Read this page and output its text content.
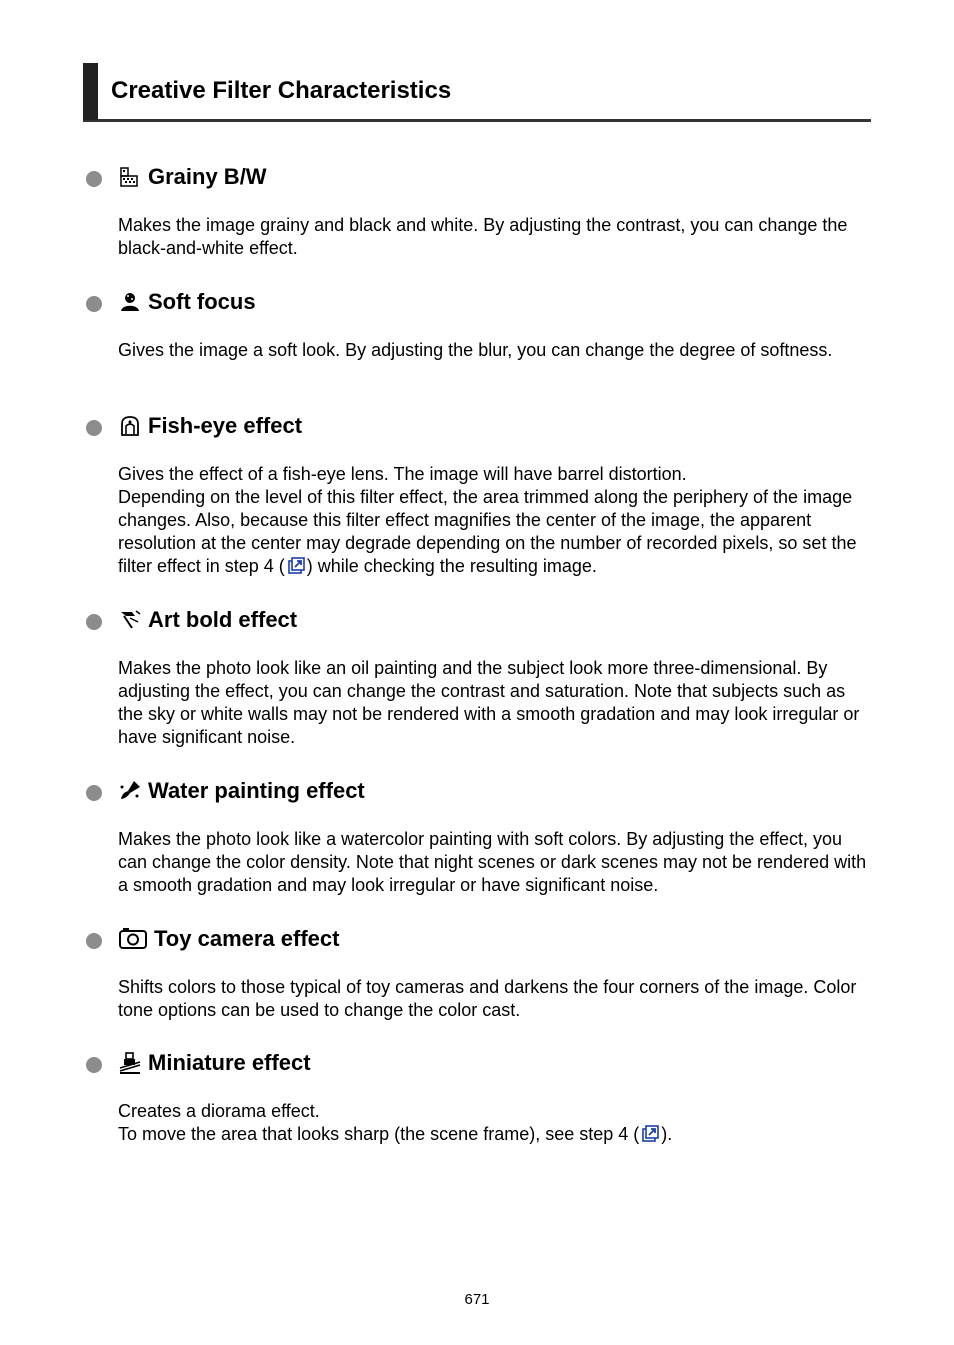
Creative Filter Characteristics
Grainy B/W

Makes the image grainy and black and white. By adjusting the contrast, you can change the black-and-white effect.

Soft focus

Gives the image a soft look. By adjusting the blur, you can change the degree of softness.

Fish-eye effect

Gives the effect of a fish-eye lens. The image will have barrel distortion.

Depending on the level of this filter effect, the area trimmed along the periphery of the image changes. Also, because this filter effect magnifies the center of the image, the apparent resolution at the center may degrade depending on the number of recorded pixels, so set the filter effect in step 4 ( ) while checking the resulting image.

Art bold effect

Makes the photo look like an oil painting and the subject look more three-dimensional. By adjusting the effect, you can change the contrast and saturation. Note that subjects such as the sky or white walls may not be rendered with a smooth gradation and may look irregular or have significant noise.

Water painting effect

Makes the photo look like a watercolor painting with soft colors. By adjusting the effect, you can change the color density. Note that night scenes or dark scenes may not be rendered with a smooth gradation and may look irregular or have significant noise.

Toy camera effect

Shifts colors to those typical of toy cameras and darkens the four corners of the image. Color tone options can be used to change the color cast.

Miniature effect

Creates a diorama effect.

To move the area that looks sharp (the scene frame), see step 4 ( ).

671
